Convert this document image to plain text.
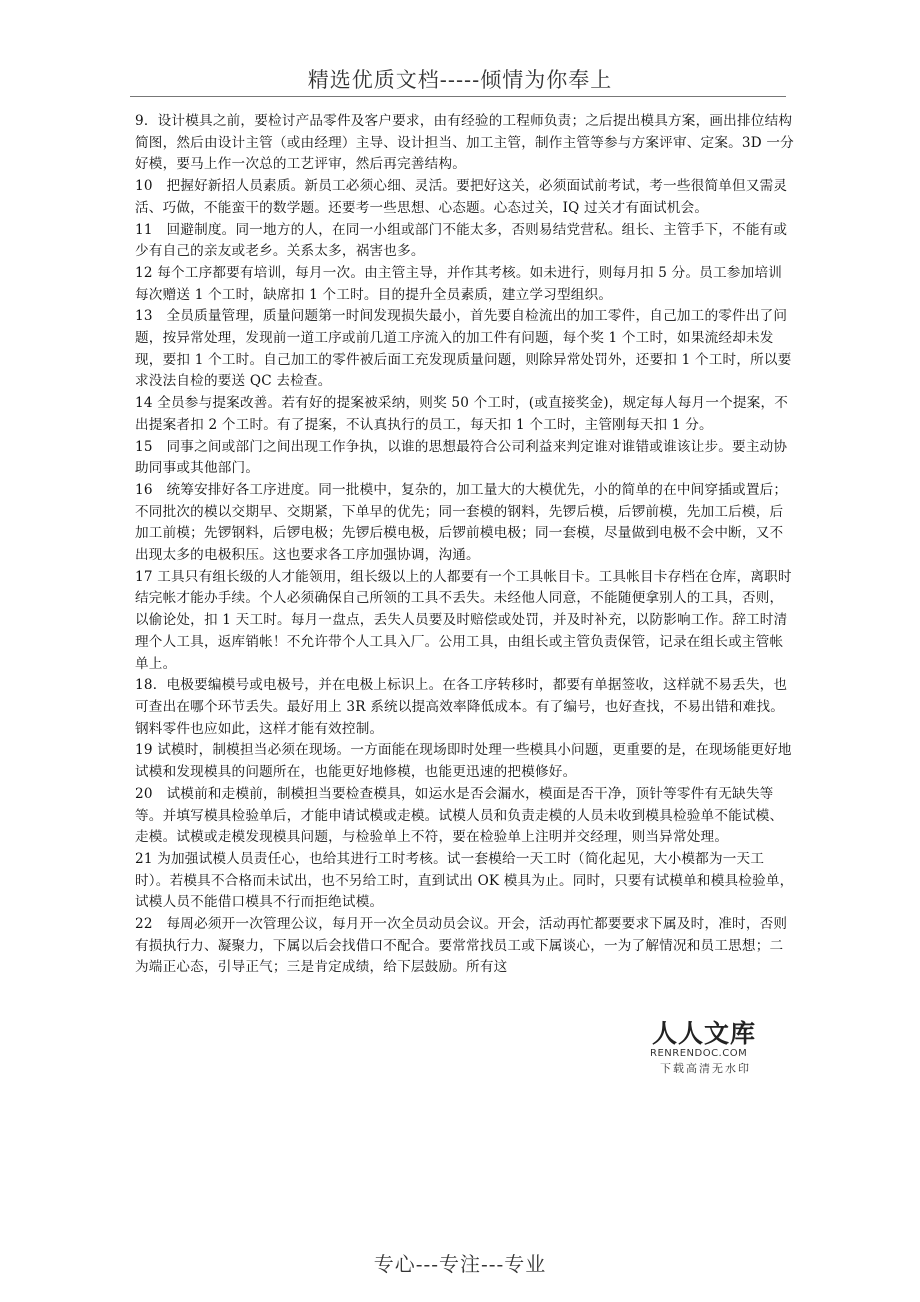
精选优质文档-----倾情为你奉上

9．设计模具之前，要检讨产品零件及客户要求，由有经验的工程师负责；之后提出模具方案，画出排位结构简图，然后由设计主管（或由经理）主导、设计担当、加工主管，制作主管等参与方案评审、定案。3D 一分好模，要马上作一次总的工艺评审，然后再完善结构。

10　把握好新招人员素质。新员工必须心细、灵活。要把好这关，必须面试前考试，考一些很简单但又需灵活、巧做，不能蛮干的数学题。还要考一些思想、心态题。心态过关，IQ 过关才有面试机会。

11　回避制度。同一地方的人，在同一小组或部门不能太多，否则易结党营私。组长、主管手下，不能有或少有自己的亲友或老乡。关系太多，祸害也多。

12 每个工序都要有培训，每月一次。由主管主导，并作其考核。如未进行，则每月扣 5 分。员工参加培训每次赠送 1 个工时，缺席扣 1 个工时。目的提升全员素质，建立学习型组织。

13　全员质量管理，质量问题第一时间发现损失最小，首先要自检流出的加工零件，自己加工的零件出了问题，按异常处理，发现前一道工序或前几道工序流入的加工件有问题，每个奖 1 个工时，如果流经却未发现，要扣 1 个工时。自己加工的零件被后面工充发现质量问题，则除异常处罚外，还要扣 1 个工时，所以要求没法自检的要送 QC 去检查。

14 全员参与提案改善。若有好的提案被采纳，则奖 50 个工时，(或直接奖金)，规定每人每月一个提案，不出提案者扣 2 个工时。有了提案，不认真执行的员工，每天扣 1 个工时，主管刚每天扣 1 分。

15　同事之间或部门之间出现工作争执，以谁的思想最符合公司利益来判定谁对谁错或谁该让步。要主动协助同事或其他部门。

16　统筹安排好各工序进度。同一批模中，复杂的，加工量大的大模优先，小的简单的在中间穿插或置后；不同批次的模以交期早、交期紧，下单早的优先；同一套模的钢料，先锣后模，后锣前模，先加工后模，后加工前模；先锣钢料，后锣电极；先锣后模电极，后锣前模电极；同一套模，尽量做到电极不会中断，又不出现太多的电极积压。这也要求各工序加强协调，沟通。

17 工具只有组长级的人才能领用，组长级以上的人都要有一个工具帐目卡。工具帐目卡存档在仓库，离职时结完帐才能办手续。个人必须确保自己所领的工具不丢失。未经他人同意，不能随便拿别人的工具，否则，以偷论处，扣 1 天工时。每月一盘点，丢失人员要及时赔偿或处罚，并及时补充，以防影响工作。辞工时清理个人工具，返库销帐！不允许带个人工具入厂。公用工具，由组长或主管负责保管，记录在组长或主管帐单上。

18．电极要编模号或电极号，并在电极上标识上。在各工序转移时，都要有单据签收，这样就不易丢失，也可查出在哪个环节丢失。最好用上 3R 系统以提高效率降低成本。有了编号，也好查找，不易出错和难找。钢料零件也应如此，这样才能有效控制。

19 试模时，制模担当必须在现场。一方面能在现场即时处理一些模具小问题，更重要的是，在现场能更好地试模和发现模具的问题所在，也能更好地修模，也能更迅速的把模修好。

20　试模前和走模前，制模担当要检查模具，如运水是否会漏水，模面是否干净，顶针等零件有无缺失等等。并填写模具检验单后，才能申请试模或走模。试模人员和负责走模的人员未收到模具检验单不能试模、走模。试模或走模发现模具问题，与检验单上不符，要在检验单上注明并交经理，则当异常处理。

21 为加强试模人员责任心，也给其进行工时考核。试一套模给一天工时（简化起见，大小模都为一天工时）。若模具不合格而未试出，也不另给工时，直到试出 OK 模具为止。同时，只要有试模单和模具检验单，试模人员不能借口模具不行而拒绝试模。

22　每周必须开一次管理公议，每月开一次全员动员会议。开会，活动再忙都要要求下属及时，准时，否则有损执行力、凝聚力，下属以后会找借口不配合。要常常找员工或下属谈心，一为了解情况和员工思想；二为端正心态，引导正气；三是肯定成绩，给下层鼓励。所有这

人人文库
RENRENDOC.COM
下载高清无水印
专心---专注---专业
